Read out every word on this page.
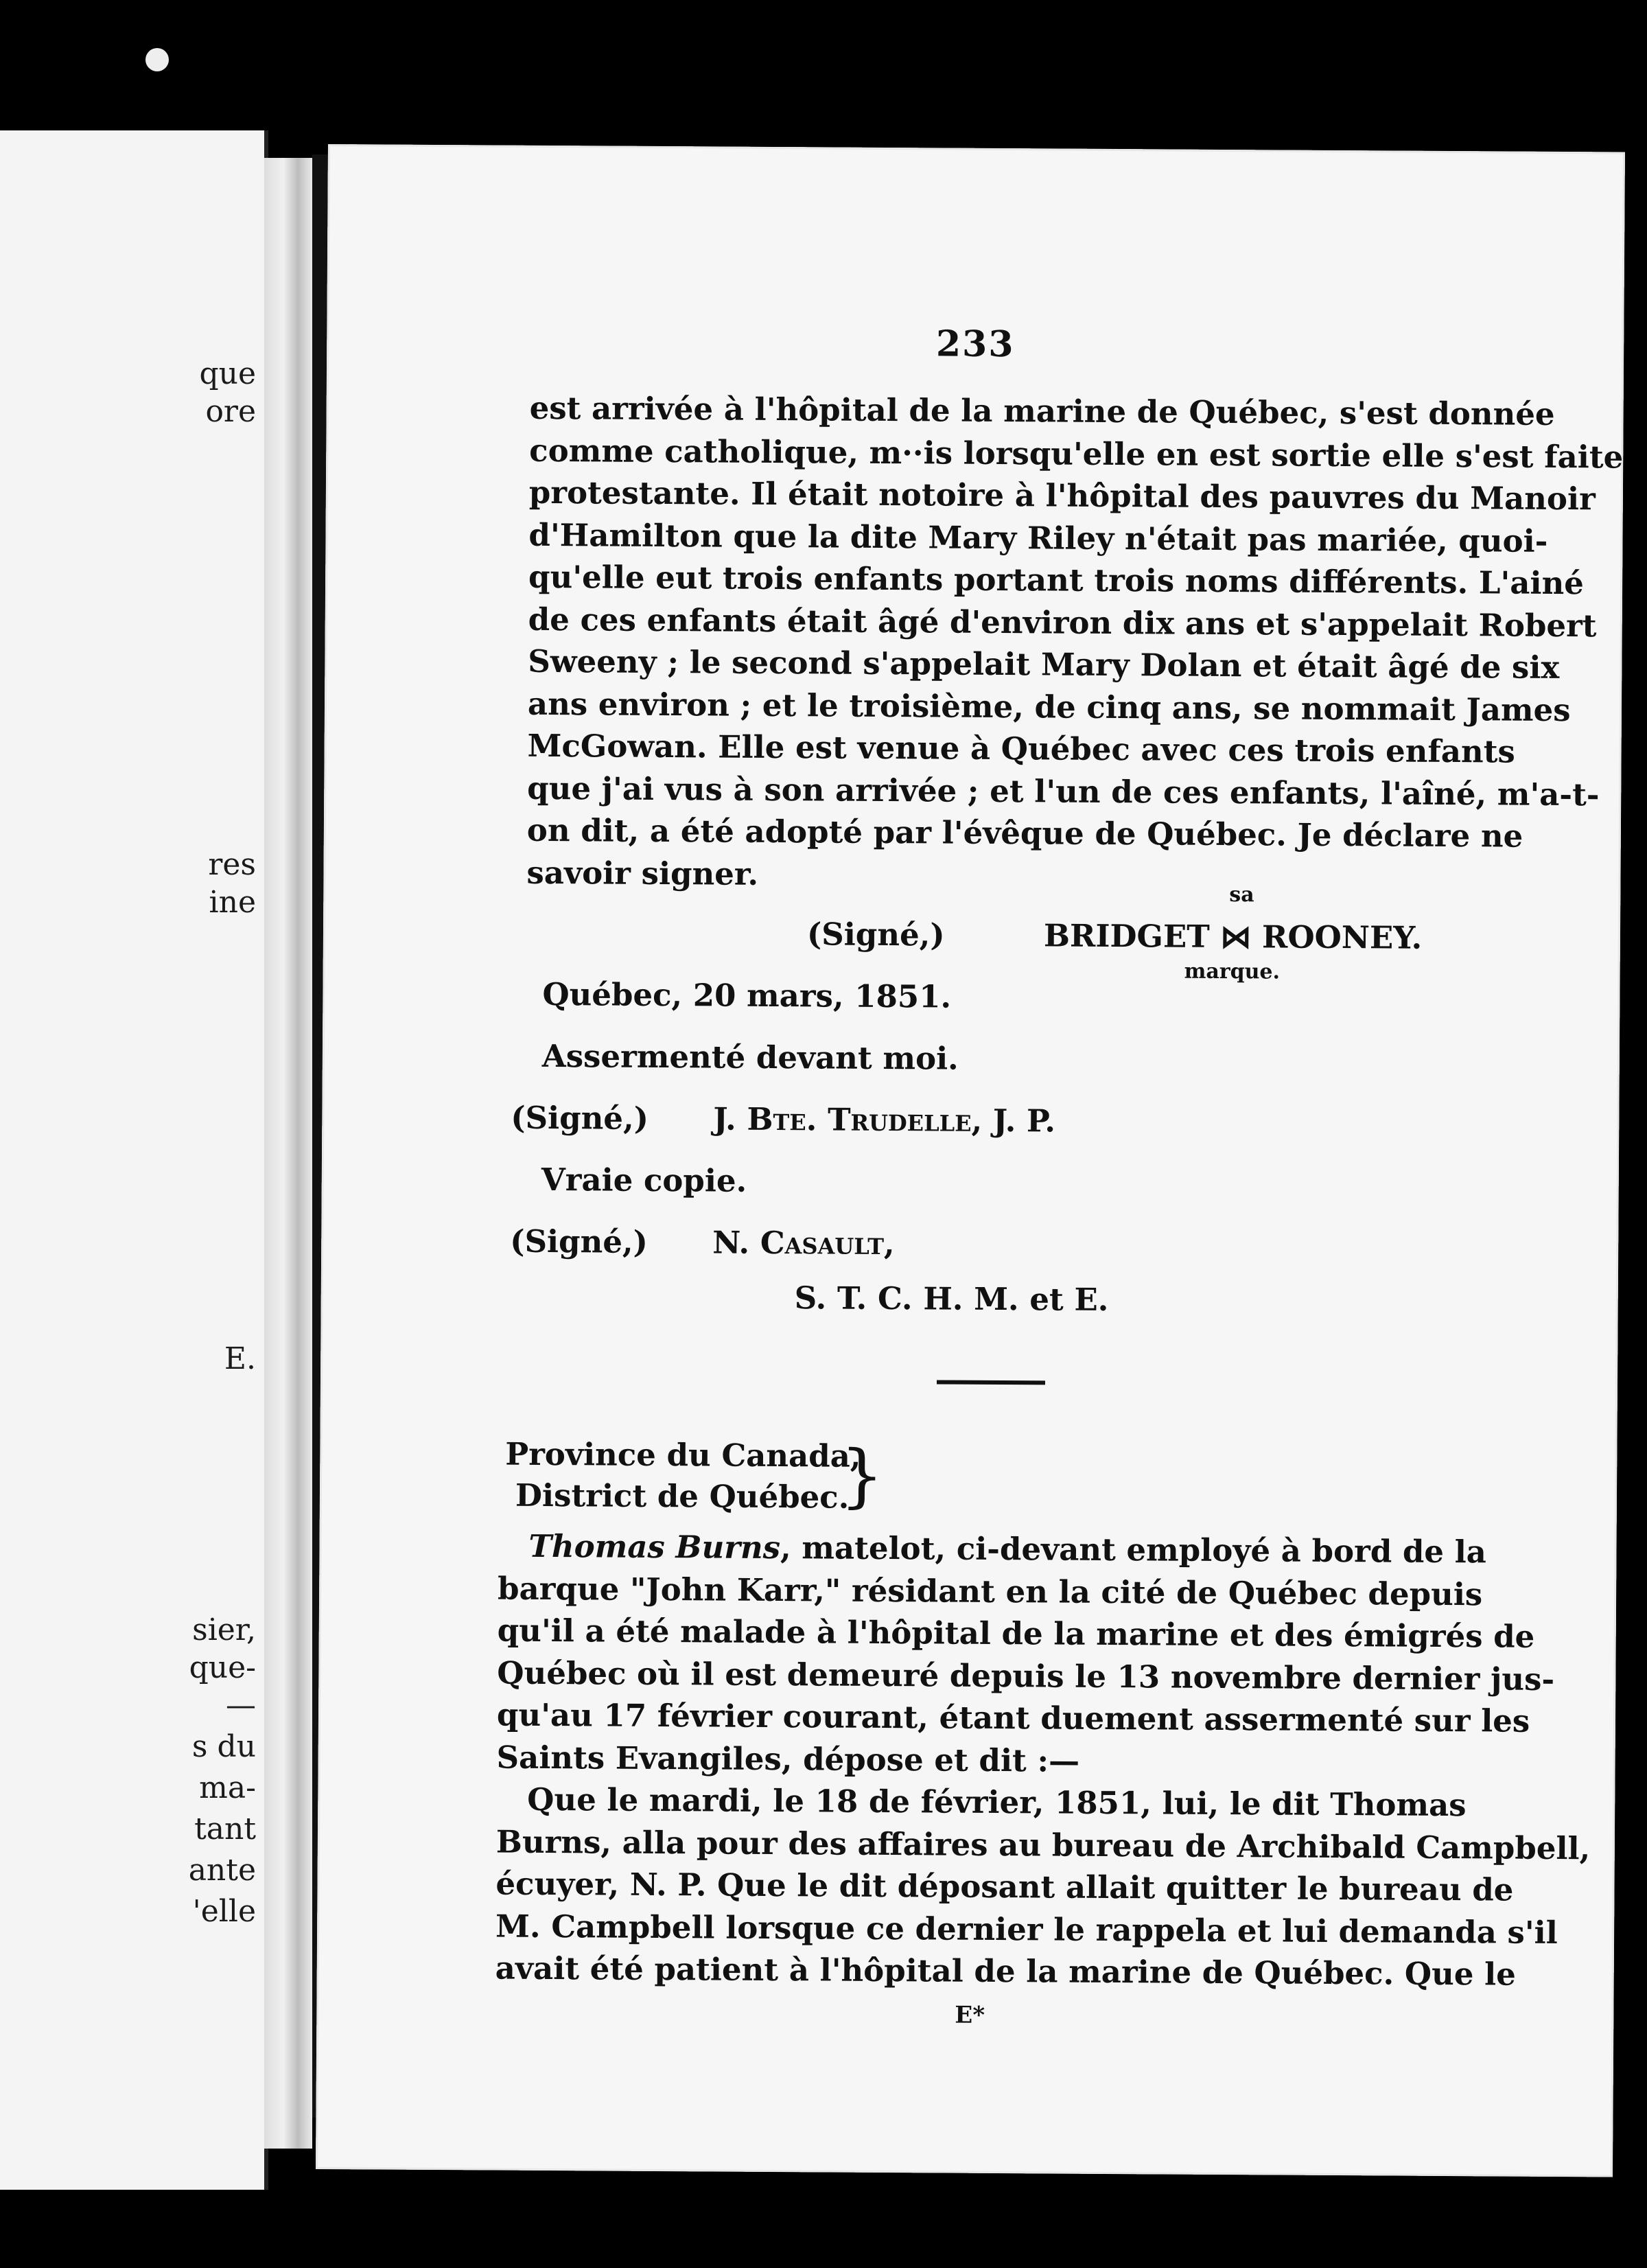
que
ore
res
ine
E.
sier,
que-
—
s du
ma-
tant
ante
'elle
233
est arrivée à l'hôpital de la marine de Québec, s'est donnée
comme catholique, m··is lorsqu'elle en est sortie elle s'est faite
protestante. Il était notoire à l'hôpital des pauvres du Manoir
d'Hamilton que la dite Mary Riley n'était pas mariée, quoi-
qu'elle eut trois enfants portant trois noms différents. L'ainé
de ces enfants était âgé d'environ dix ans et s'appelait Robert
Sweeny ; le second s'appelait Mary Dolan et était âgé de six
ans environ ; et le troisième, de cinq ans, se nommait James
McGowan. Elle est venue à Québec avec ces trois enfants
que j'ai vus à son arrivée ; et l'un de ces enfants, l'aîné, m'a-t-
on dit, a été adopté par l'évêque de Québec. Je déclare ne
savoir signer.
(Signé,)	BRIDGET ⋈ ROONEY.
sa
marque.
Québec, 20 mars, 1851.
Assermenté devant moi.
(Signé,) J. Bte. Trudelle, J. P.
Vraie copie.
(Signé,) N. Casault,
S. T. C. H. M. et E.
Province du Canada,
District de Québec.
}
 Thomas Burns, matelot, ci-devant employé à bord de la
barque "John Karr," résidant en la cité de Québec depuis
qu'il a été malade à l'hôpital de la marine et des émigrés de
Québec où il est demeuré depuis le 13 novembre dernier jus-
qu'au 17 février courant, étant duement assermenté sur les
Saints Evangiles, dépose et dit :—
Que le mardi, le 18 de février, 1851, lui, le dit Thomas
Burns, alla pour des affaires au bureau de Archibald Campbell,
écuyer, N. P. Que le dit déposant allait quitter le bureau de
M. Campbell lorsque ce dernier le rappela et lui demanda s'il
avait été patient à l'hôpital de la marine de Québec. Que le
E*
